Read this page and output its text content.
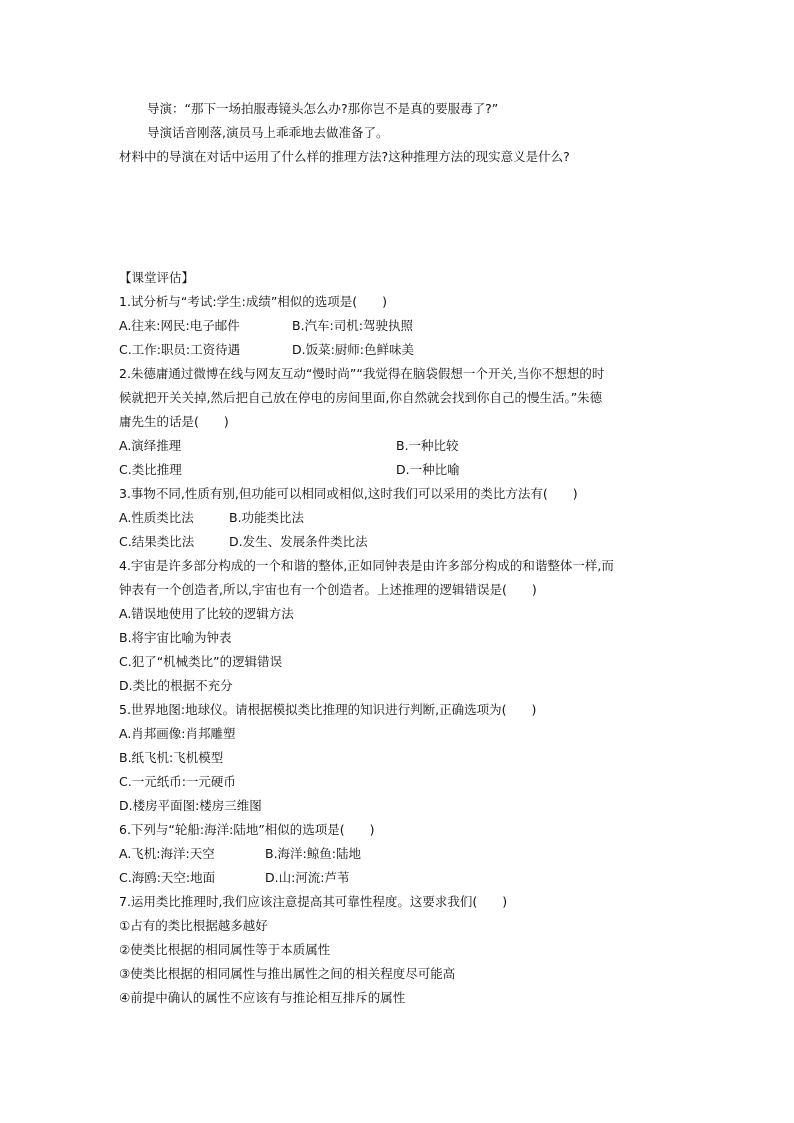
导演：“那下一场拍服毒镜头怎么办?那你岂不是真的要服毒了?”
导演话音刚落,演员马上乖乖地去做准备了。
材料中的导演在对话中运用了什么样的推理方法?这种推理方法的现实意义是什么?
【课堂评估】
1.试分析与“考试:学生:成绩”相似的选项是(　　)
A.往来:网民:电子邮件	B.汽车:司机:驾驶执照
C.工作:职员:工资待遇	D.饭菜:厨师:色鲜味美
2.朱德庸通过微博在线与网友互动“慢时尚”“我觉得在脑袋假想一个开关,当你不想想的时
候就把开关关掉,然后把自己放在停电的房间里面,你自然就会找到你自己的慢生活。”朱德
庸先生的话是(　　)
A.演绎推理	B.一种比较
C.类比推理	D.一种比喻
3.事物不同,性质有别,但功能可以相同或相似,这时我们可以采用的类比方法有(　　)
A.性质类比法	B.功能类比法
C.结果类比法	D.发生、发展条件类比法
4.宇宙是许多部分构成的一个和谐的整体,正如同钟表是由许多部分构成的和谐整体一样,而
钟表有一个创造者,所以,宇宙也有一个创造者。上述推理的逻辑错误是(　　)
A.错误地使用了比较的逻辑方法
B.将宇宙比喻为钟表
C.犯了“机械类比”的逻辑错误
D.类比的根据不充分
5.世界地图:地球仪。请根据模拟类比推理的知识进行判断,正确选项为(　　)
A.肖邦画像:肖邦雕塑
B.纸飞机:飞机模型
C.一元纸币:一元硬币
D.楼房平面图:楼房三维图
6.下列与“轮船:海洋:陆地”相似的选项是(　　)
A.飞机:海洋:天空	B.海洋:鲸鱼:陆地
C.海鸥:天空:地面	D.山:河流:芦苇
7.运用类比推理时,我们应该注意提高其可靠性程度。这要求我们(　　)
①占有的类比根据越多越好
②使类比根据的相同属性等于本质属性
③使类比根据的相同属性与推出属性之间的相关程度尽可能高
④前提中确认的属性不应该有与推论相互排斥的属性
